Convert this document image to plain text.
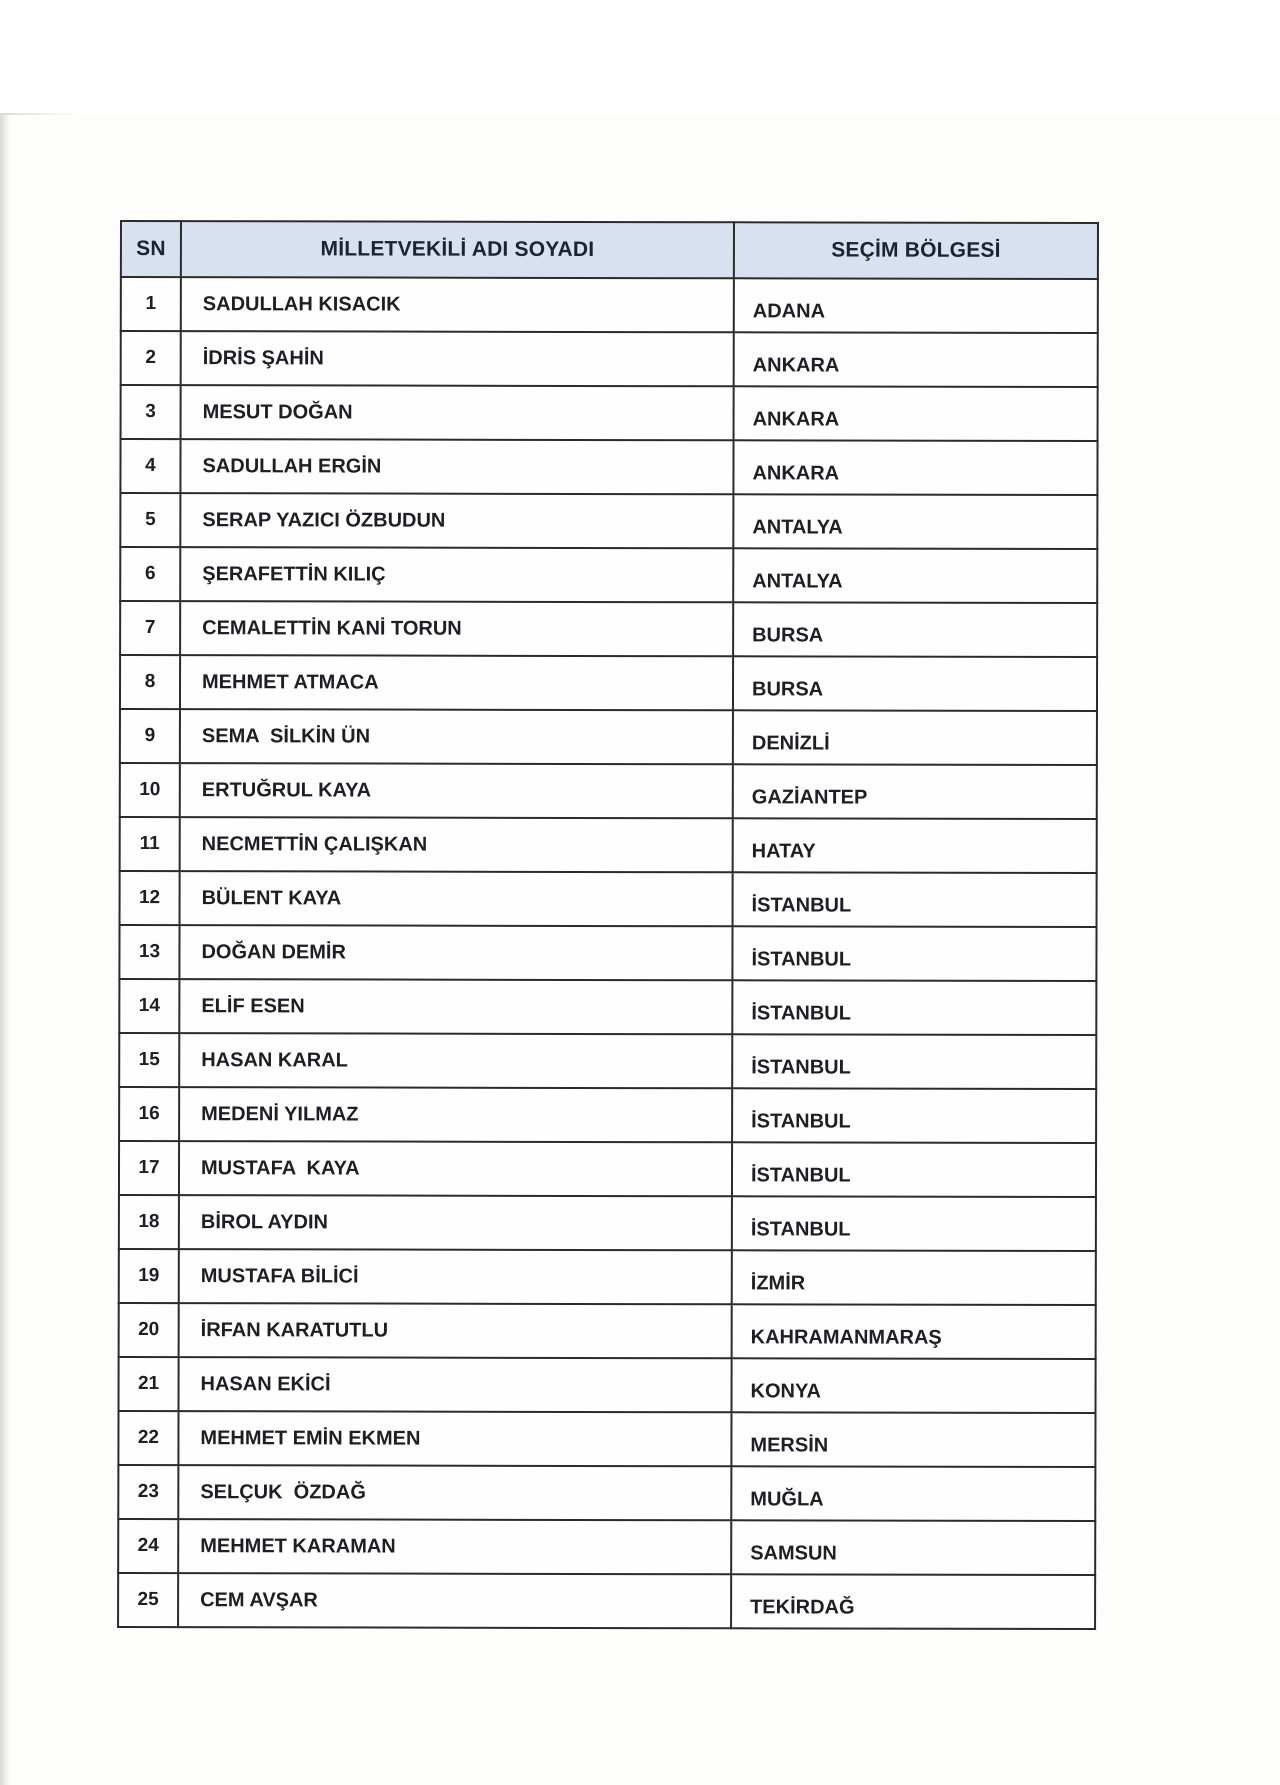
SN	MİLLETVEKİLİ ADI SOYADI	SEÇİM BÖLGESİ
1	SADULLAH KISACIK	ADANA
2	İDRİS ŞAHİN	ANKARA
3	MESUT DOĞAN	ANKARA
4	SADULLAH ERGİN	ANKARA
5	SERAP YAZICI ÖZBUDUN	ANTALYA
6	ŞERAFETTİN KILIÇ	ANTALYA
7	CEMALETTİN KANİ TORUN	BURSA
8	MEHMET ATMACA	BURSA
9	SEMA  SİLKİN ÜN	DENİZLİ
10	ERTUĞRUL KAYA	GAZİANTEP
11	NECMETTİN ÇALIŞKAN	HATAY
12	BÜLENT KAYA	İSTANBUL
13	DOĞAN DEMİR	İSTANBUL
14	ELİF ESEN	İSTANBUL
15	HASAN KARAL	İSTANBUL
16	MEDENİ YILMAZ	İSTANBUL
17	MUSTAFA  KAYA	İSTANBUL
18	BİROL AYDIN	İSTANBUL
19	MUSTAFA BİLİCİ	İZMİR
20	İRFAN KARATUTLU	KAHRAMANMARAŞ
21	HASAN EKİCİ	KONYA
22	MEHMET EMİN EKMEN	MERSİN
23	SELÇUK  ÖZDAĞ	MUĞLA
24	MEHMET KARAMAN	SAMSUN
25	CEM AVŞAR	TEKİRDAĞ
